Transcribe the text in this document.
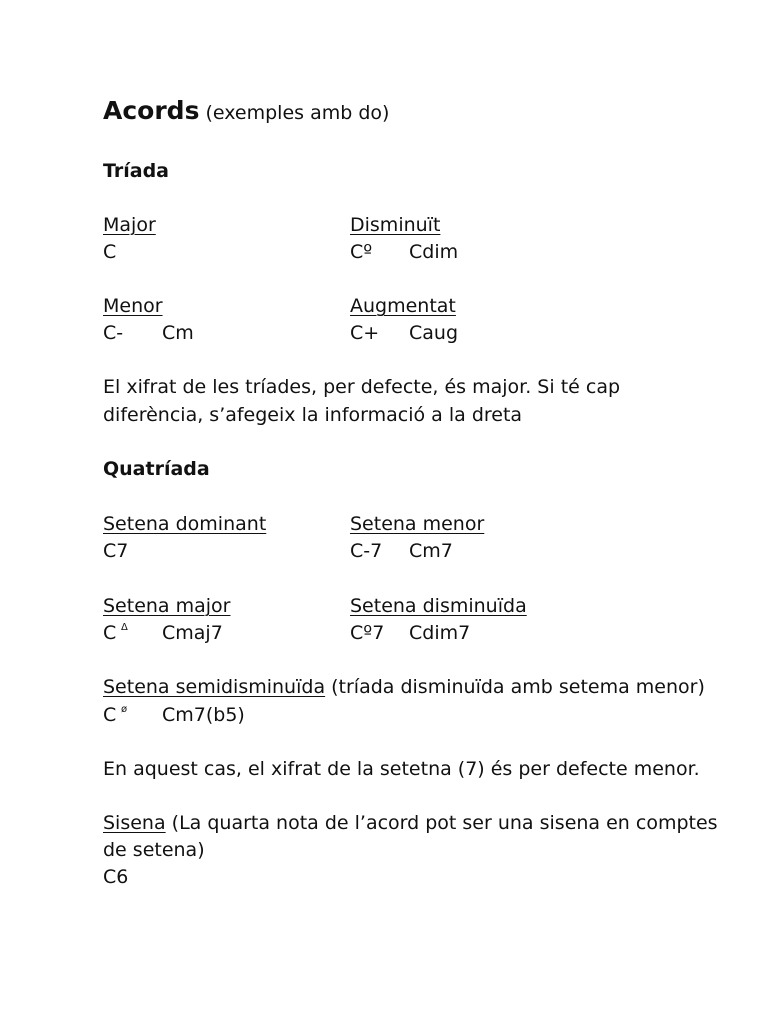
Acords (exemples amb do)
Tríada
Major	Disminuït
C	Cº Cdim
Menor	Augmentat
C- Cm	C+ Caug
El xifrat de les tríades, per defecte, és major. Si té cap
diferència, s’afegeix la informació a la dreta
Quatríada
Setena dominant	Setena menor
C7	C-7 Cm7
Setena major	Setena disminuïda
C Δ Cmaj7	Cº7 Cdim7
Setena semidisminuïda (tríada disminuïda amb setema menor)
C ø Cm7(b5)
En aquest cas, el xifrat de la setetna (7) és per defecte menor.
Sisena (La quarta nota de l’acord pot ser una sisena en comptes
de setena)
C6
